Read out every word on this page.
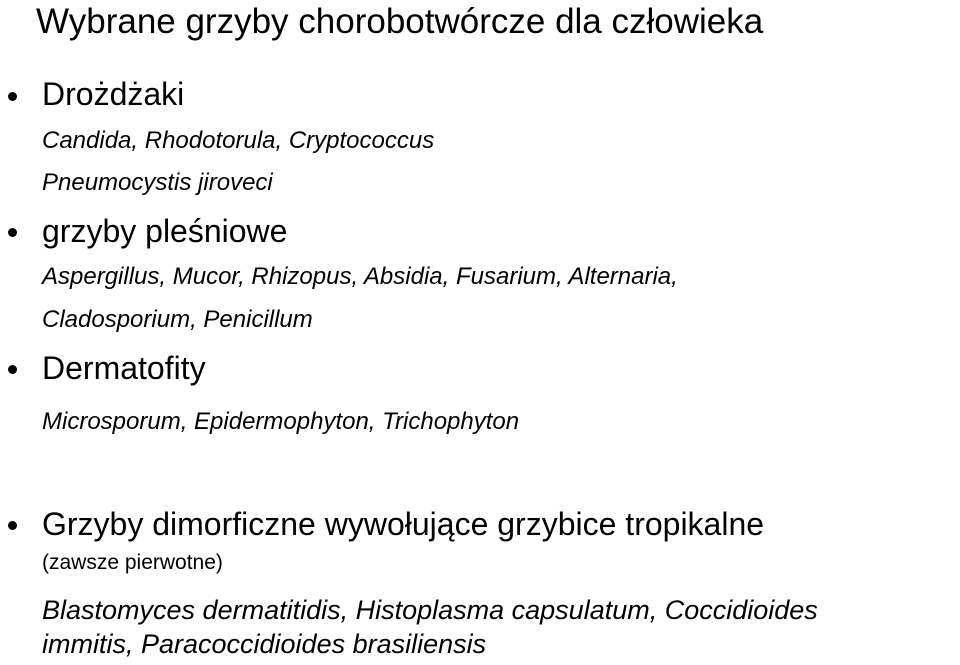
Wybrane grzyby chorobotwórcze dla człowieka
Drożdżaki
Candida, Rhodotorula, Cryptococcus
Pneumocystis jiroveci
grzyby pleśniowe
Aspergillus, Mucor, Rhizopus, Absidia, Fusarium, Alternaria,
Cladosporium, Penicillum
Dermatofity
Microsporum, Epidermophyton, Trichophyton
Grzyby dimorficzne wywołujące grzybice tropikalne
(zawsze pierwotne)
Blastomyces dermatitidis, Histoplasma capsulatum, Coccidioides
immitis, Paracoccidioides brasiliensis
